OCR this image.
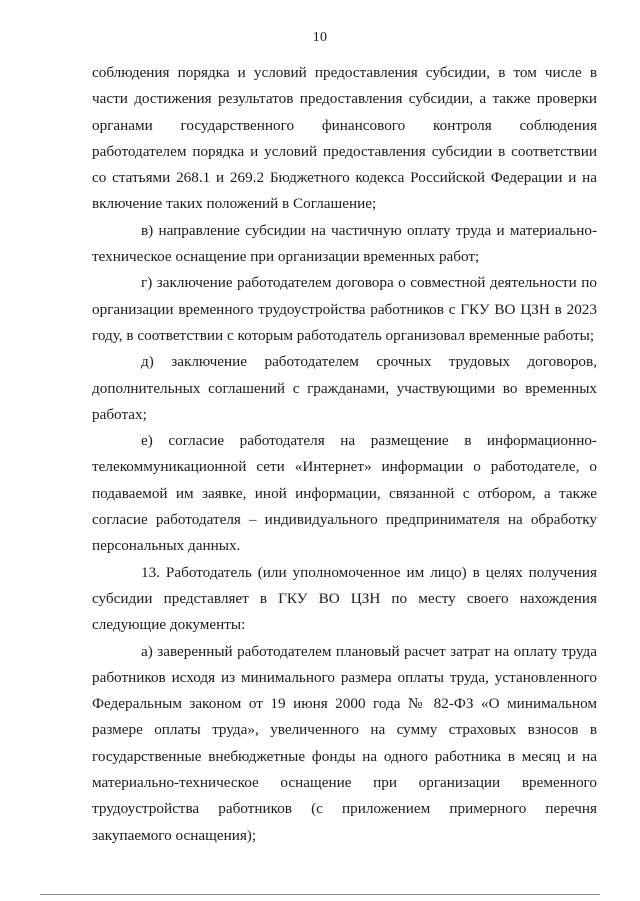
10

соблюдения порядка и условий предоставления субсидии, в том числе в части достижения результатов предоставления субсидии, а также проверки органами государственного финансового контроля соблюдения работодателем порядка и условий предоставления субсидии в соответствии со статьями 268.1 и 269.2 Бюджетного кодекса Российской Федерации и на включение таких положений в Соглашение;

в) направление субсидии на частичную оплату труда и материально-техническое оснащение при организации временных работ;

г) заключение работодателем договора о совместной деятельности по организации временного трудоустройства работников с ГКУ ВО ЦЗН в 2023 году, в соответствии с которым работодатель организовал временные работы;

д) заключение работодателем срочных трудовых договоров, дополнительных соглашений с гражданами, участвующими во временных работах;

е) согласие работодателя на размещение в информационно-телекоммуникационной сети «Интернет» информации о работодателе, о подаваемой им заявке, иной информации, связанной с отбором, а также согласие работодателя – индивидуального предпринимателя на обработку персональных данных.

13. Работодатель (или уполномоченное им лицо) в целях получения субсидии представляет в ГКУ ВО ЦЗН по месту своего нахождения следующие документы:

а) заверенный работодателем плановый расчет затрат на оплату труда работников исходя из минимального размера оплаты труда, установленного Федеральным законом от 19 июня 2000 года № 82-ФЗ «О минимальном размере оплаты труда», увеличенного на сумму страховых взносов в государственные внебюджетные фонды на одного работника в месяц и на материально-техническое оснащение при организации временного трудоустройства работников (с приложением примерного перечня закупаемого оснащения);
